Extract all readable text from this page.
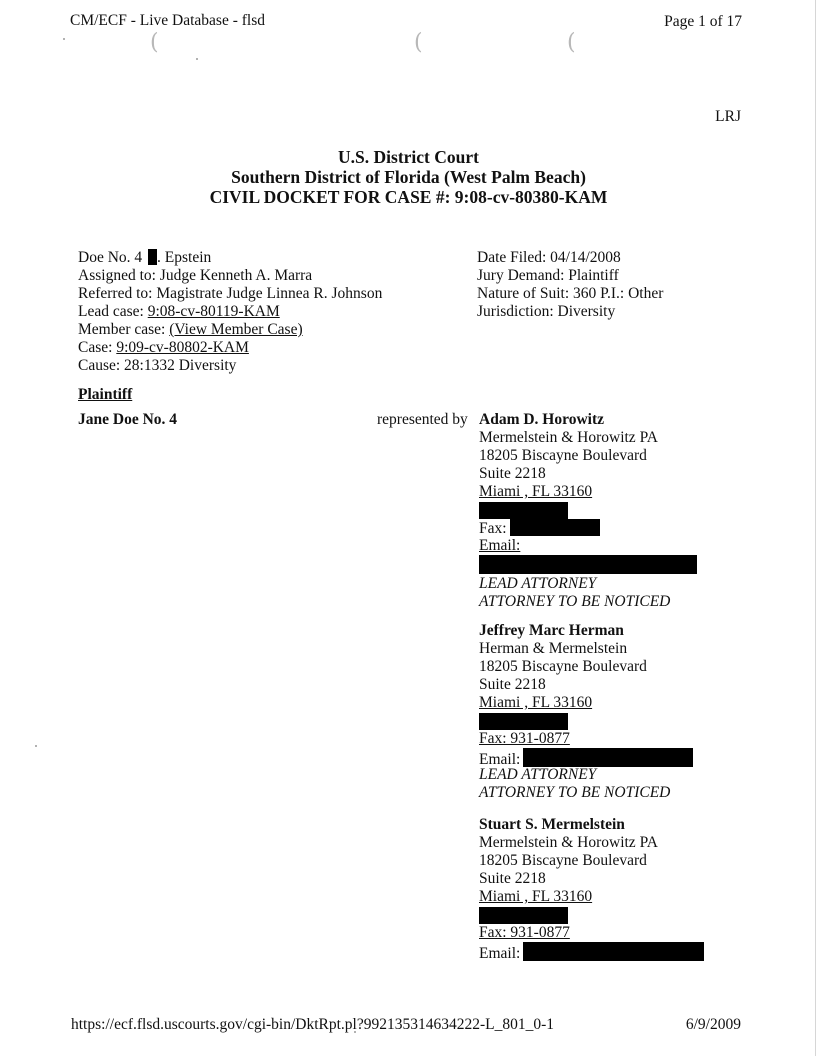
(	(	(
CM/ECF - Live Database - flsd	Page 1 of 17
LRJ
U.S. District Court
Southern District of Florida (West Palm Beach)
CIVIL DOCKET FOR CASE #: 9:08-cv-80380-KAM
Doe No. 4 . Epstein
Assigned to: Judge Kenneth A. Marra
Referred to: Magistrate Judge Linnea R. Johnson
Lead case: 9:08-cv-80119-KAM
Member case: (View Member Case)
Case: 9:09-cv-80802-KAM
Cause: 28:1332 Diversity
Date Filed: 04/14/2008
Jury Demand: Plaintiff
Nature of Suit: 360 P.I.: Other
Jurisdiction: Diversity
Plaintiff
Jane Doe No. 4	represented by Adam D. Horowitz
Mermelstein & Horowitz PA
18205 Biscayne Boulevard
Suite 2218
Miami , FL 33160
Fax:
Email:
LEAD ATTORNEY
ATTORNEY TO BE NOTICED
Jeffrey Marc Herman
Herman & Mermelstein
18205 Biscayne Boulevard
Suite 2218
Miami , FL 33160
Fax: 931-0877
Email:
LEAD ATTORNEY
ATTORNEY TO BE NOTICED
Stuart S. Mermelstein
Mermelstein & Horowitz PA
18205 Biscayne Boulevard
Suite 2218
Miami , FL 33160
Fax: 931-0877
Email:
https://ecf.flsd.uscourts.gov/cgi-bin/DktRpt.pl?992135314634222-L_801_0-1	6/9/2009
